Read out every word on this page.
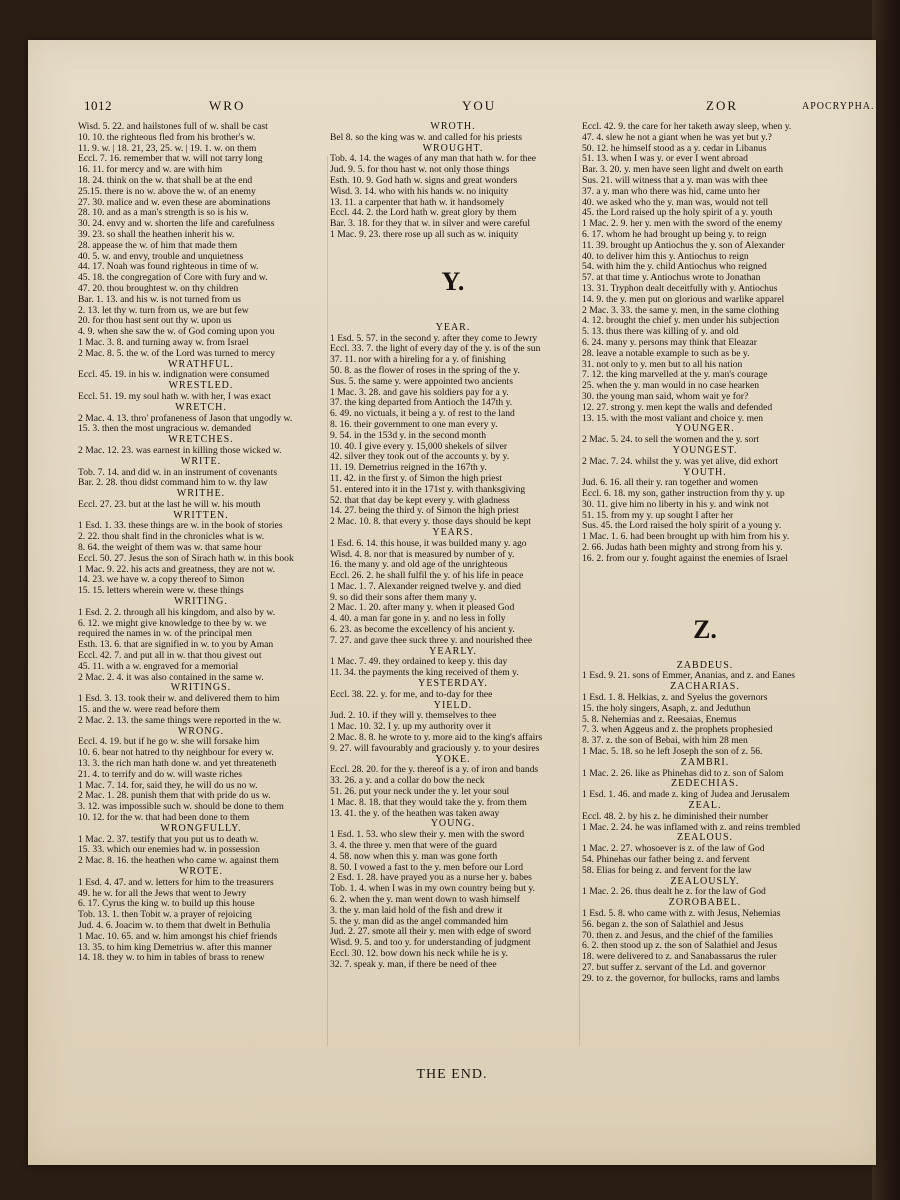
1012	WRO	YOU	ZOR	APOCRYPHA.
Wisd. 5. 22. and hailstones full of w. shall be cast
10. 10. the righteous fled from his brother's w.
11. 9. w. | 18. 21, 23, 25. w. | 19. 1. w. on them
Eccl. 7. 16. remember that w. will not tarry long
16. 11. for mercy and w. are with him
18. 24. think on the w. that shall be at the end
25.15. there is no w. above the w. of an enemy
27. 30. malice and w. even these are abominations
28. 10. and as a man's strength is so is his w.
30. 24. envy and w. shorten the life and carefulness
39. 23. so shall the heathen inherit his w.
28. appease the w. of him that made them
40. 5. w. and envy, trouble and unquietness
44. 17. Noah was found righteous in time of w.
45. 18. the congregation of Core with fury and w.
47. 20. thou broughtest w. on thy children
Bar. 1. 13. and his w. is not turned from us
2. 13. let thy w. turn from us, we are but few
20. for thou hast sent out thy w. upon us
4. 9. when she saw the w. of God coming upon you
1 Mac. 3. 8. and turning away w. from Israel
2 Mac. 8. 5. the w. of the Lord was turned to mercy
WRATHFUL.
Eccl. 45. 19. in his w. indignation were consumed
WRESTLED.
Eccl. 51. 19. my soul hath w. with her, I was exact
WRETCH.
2 Mac. 4. 13. thro' profaneness of Jason that ungodly w.
15. 3. then the most ungracious w. demanded
WRETCHES.
2 Mac. 12. 23. was earnest in killing those wicked w.
WRITE.
Tob. 7. 14. and did w. in an instrument of covenants
Bar. 2. 28. thou didst command him to w. thy law
WRITHE.
Eccl. 27. 23. but at the last he will w. his mouth
WRITTEN.
1 Esd. 1. 33. these things are w. in the book of stories
2. 22. thou shalt find in the chronicles what is w.
8. 64. the weight of them was w. that same hour
Eccl. 50. 27. Jesus the son of Sirach hath w. in this book
1 Mac. 9. 22. his acts and greatness, they are not w.
14. 23. we have w. a copy thereof to Simon
15. 15. letters wherein were w. these things
WRITING.
1 Esd. 2. 2. through all his kingdom, and also by w.
6. 12. we might give knowledge to thee by w. we
required the names in w. of the principal men
Esth. 13. 6. that are signified in w. to you by Aman
Eccl. 42. 7. and put all in w. that thou givest out
45. 11. with a w. engraved for a memorial
2 Mac. 2. 4. it was also contained in the same w.
WRITINGS.
1 Esd. 3. 13. took their w. and delivered them to him
15. and the w. were read before them
2 Mac. 2. 13. the same things were reported in the w.
WRONG.
Eccl. 4. 19. but if he go w. she will forsake him
10. 6. bear not hatred to thy neighbour for every w.
13. 3. the rich man hath done w. and yet threateneth
21. 4. to terrify and do w. will waste riches
1 Mac. 7. 14. for, said they, he will do us no w.
2 Mac. 1. 28. punish them that with pride do us w.
3. 12. was impossible such w. should be done to them
10. 12. for the w. that had been done to them
WRONGFULLY.
1 Mac. 2. 37. testify that you put us to death w.
15. 33. which our enemies had w. in possession
2 Mac. 8. 16. the heathen who came w. against them
WROTE.
1 Esd. 4. 47. and w. letters for him to the treasurers
49. he w. for all the Jews that went to Jewry
6. 17. Cyrus the king w. to build up this house
Tob. 13. 1. then Tobit w. a prayer of rejoicing
Jud. 4. 6. Joacim w. to them that dwelt in Bethulia
1 Mac. 10. 65. and w. him amongst his chief friends
13. 35. to him king Demetrius w. after this manner
14. 18. they w. to him in tables of brass to renew
WROTH.
Bel 8. so the king was w. and called for his priests
WROUGHT.
Tob. 4. 14. the wages of any man that hath w. for thee
Jud. 9. 5. for thou hast w. not only those things
Esth. 10. 9. God hath w. signs and great wonders
Wisd. 3. 14. who with his hands w. no iniquity
13. 11. a carpenter that hath w. it handsomely
Eccl. 44. 2. the Lord hath w. great glory by them
Bar. 3. 18. for they that w. in silver and were careful
1 Mac. 9. 23. there rose up all such as w. iniquity
Y.
YEAR.
1 Esd. 5. 57. in the second y. after they come to Jewry
Eccl. 33. 7. the light of every day of the y. is of the sun
37. 11. nor with a hireling for a y. of finishing
50. 8. as the flower of roses in the spring of the y.
Sus. 5. the same y. were appointed two ancients
1 Mac. 3. 28. and gave his soldiers pay for a y.
37. the king departed from Antioch the 147th y.
6. 49. no victuals, it being a y. of rest to the land
8. 16. their government to one man every y.
9. 54. in the 153d y. in the second month
10. 40. I give every y. 15,000 shekels of silver
42. silver they took out of the accounts y. by y.
11. 19. Demetrius reigned in the 167th y.
11. 42. in the first y. of Simon the high priest
51. entered into it in the 171st y. with thanksgiving
52. that that day be kept every y. with gladness
14. 27. being the third y. of Simon the high priest
2 Mac. 10. 8. that every y. those days should be kept
YEARS.
1 Esd. 6. 14. this house, it was builded many y. ago
Wisd. 4. 8. nor that is measured by number of y.
16. the many y. and old age of the unrighteous
Eccl. 26. 2. he shall fulfil the y. of his life in peace
1 Mac. 1. 7. Alexander reigned twelve y. and died
9. so did their sons after them many y.
2 Mac. 1. 20. after many y. when it pleased God
4. 40. a man far gone in y. and no less in folly
6. 23. as become the excellency of his ancient y.
7. 27. and gave thee suck three y. and nourished thee
YEARLY.
1 Mac. 7. 49. they ordained to keep y. this day
11. 34. the payments the king received of them y.
YESTERDAY.
Eccl. 38. 22. y. for me, and to-day for thee
YIELD.
Jud. 2. 10. if they will y. themselves to thee
1 Mac. 10. 32. I y. up my authority over it
2 Mac. 8. 8. he wrote to y. more aid to the king's affairs
9. 27. will favourably and graciously y. to your desires
YOKE.
Eccl. 28. 20. for the y. thereof is a y. of iron and bands
33. 26. a y. and a collar do bow the neck
51. 26. put your neck under the y. let your soul
1 Mac. 8. 18. that they would take the y. from them
13. 41. the y. of the heathen was taken away
YOUNG.
1 Esd. 1. 53. who slew their y. men with the sword
3. 4. the three y. men that were of the guard
4. 58. now when this y. man was gone forth
8. 50. I vowed a fast to the y. men before our Lord
2 Esd. 1. 28. have prayed you as a nurse her y. babes
Tob. 1. 4. when I was in my own country being but y.
6. 2. when the y. man went down to wash himself
3. the y. man laid hold of the fish and drew it
5. the y. man did as the angel commanded him
Jud. 2. 27. smote all their y. men with edge of sword
Wisd. 9. 5. and too y. for understanding of judgment
Eccl. 30. 12. bow down his neck while he is y.
32. 7. speak y. man, if there be need of thee
Eccl. 42. 9. the care for her taketh away sleep, when y.
47. 4. slew he not a giant when he was yet but y.?
50. 12. he himself stood as a y. cedar in Libanus
51. 13. when I was y. or ever I went abroad
Bar. 3. 20. y. men have seen light and dwelt on earth
Sus. 21. will witness that a y. man was with thee
37. a y. man who there was hid, came unto her
40. we asked who the y. man was, would not tell
45. the Lord raised up the holy spirit of a y. youth
1 Mac. 2. 9. her y. men with the sword of the enemy
6. 17. whom he had brought up being y. to reign
11. 39. brought up Antiochus the y. son of Alexander
40. to deliver him this y. Antiochus to reign
54. with him the y. child Antiochus who reigned
57. at that time y. Antiochus wrote to Jonathan
13. 31. Tryphon dealt deceitfully with y. Antiochus
14. 9. the y. men put on glorious and warlike apparel
2 Mac. 3. 33. the same y. men, in the same clothing
4. 12. brought the chief y. men under his subjection
5. 13. thus there was killing of y. and old
6. 24. many y. persons may think that Eleazar
28. leave a notable example to such as be y.
31. not only to y. men but to all his nation
7. 12. the king marvelled at the y. man's courage
25. when the y. man would in no case hearken
30. the young man said, whom wait ye for?
12. 27. strong y. men kept the walls and defended
13. 15. with the most valiant and choice y. men
YOUNGER.
2 Mac. 5. 24. to sell the women and the y. sort
YOUNGEST.
2 Mac. 7. 24. whilst the y. was yet alive, did exhort
YOUTH.
Jud. 6. 16. all their y. ran together and women
Eccl. 6. 18. my son, gather instruction from thy y. up
30. 11. give him no liberty in his y. and wink not
51. 15. from my y. up sought I after her
Sus. 45. the Lord raised the holy spirit of a young y.
1 Mac. 1. 6. had been brought up with him from his y.
2. 66. Judas hath been mighty and strong from his y.
16. 2. from our y. fought against the enemies of Israel
Z.
ZABDEUS.
1 Esd. 9. 21. sons of Emmer, Ananias, and z. and Eanes
ZACHARIAS.
1 Esd. 1. 8. Helkias, z. and Syelus the governors
15. the holy singers, Asaph, z. and Jeduthun
5. 8. Nehemias and z. Reesaias, Enemus
7. 3. when Aggeus and z. the prophets prophesied
8. 37. z. the son of Bebai, with him 28 men
1 Mac. 5. 18. so he left Joseph the son of z. 56.
ZAMBRI.
1 Mac. 2. 26. like as Phinehas did to z. son of Salom
ZEDECHIAS.
1 Esd. 1. 46. and made z. king of Judea and Jerusalem
ZEAL.
Eccl. 48. 2. by his z. he diminished their number
1 Mac. 2. 24. he was inflamed with z. and reins trembled
ZEALOUS.
1 Mac. 2. 27. whosoever is z. of the law of God
54. Phinehas our father being z. and fervent
58. Elias for being z. and fervent for the law
ZEALOUSLY.
1 Mac. 2. 26. thus dealt he z. for the law of God
ZOROBABEL.
1 Esd. 5. 8. who came with z. with Jesus, Nehemias
56. began z. the son of Salathiel and Jesus
70. then z. and Jesus, and the chief of the families
6. 2. then stood up z. the son of Salathiel and Jesus
18. were delivered to z. and Sanabassarus the ruler
27. but suffer z. servant of the Ld. and governor
29. to z. the governor, for bullocks, rams and lambs
THE END.
